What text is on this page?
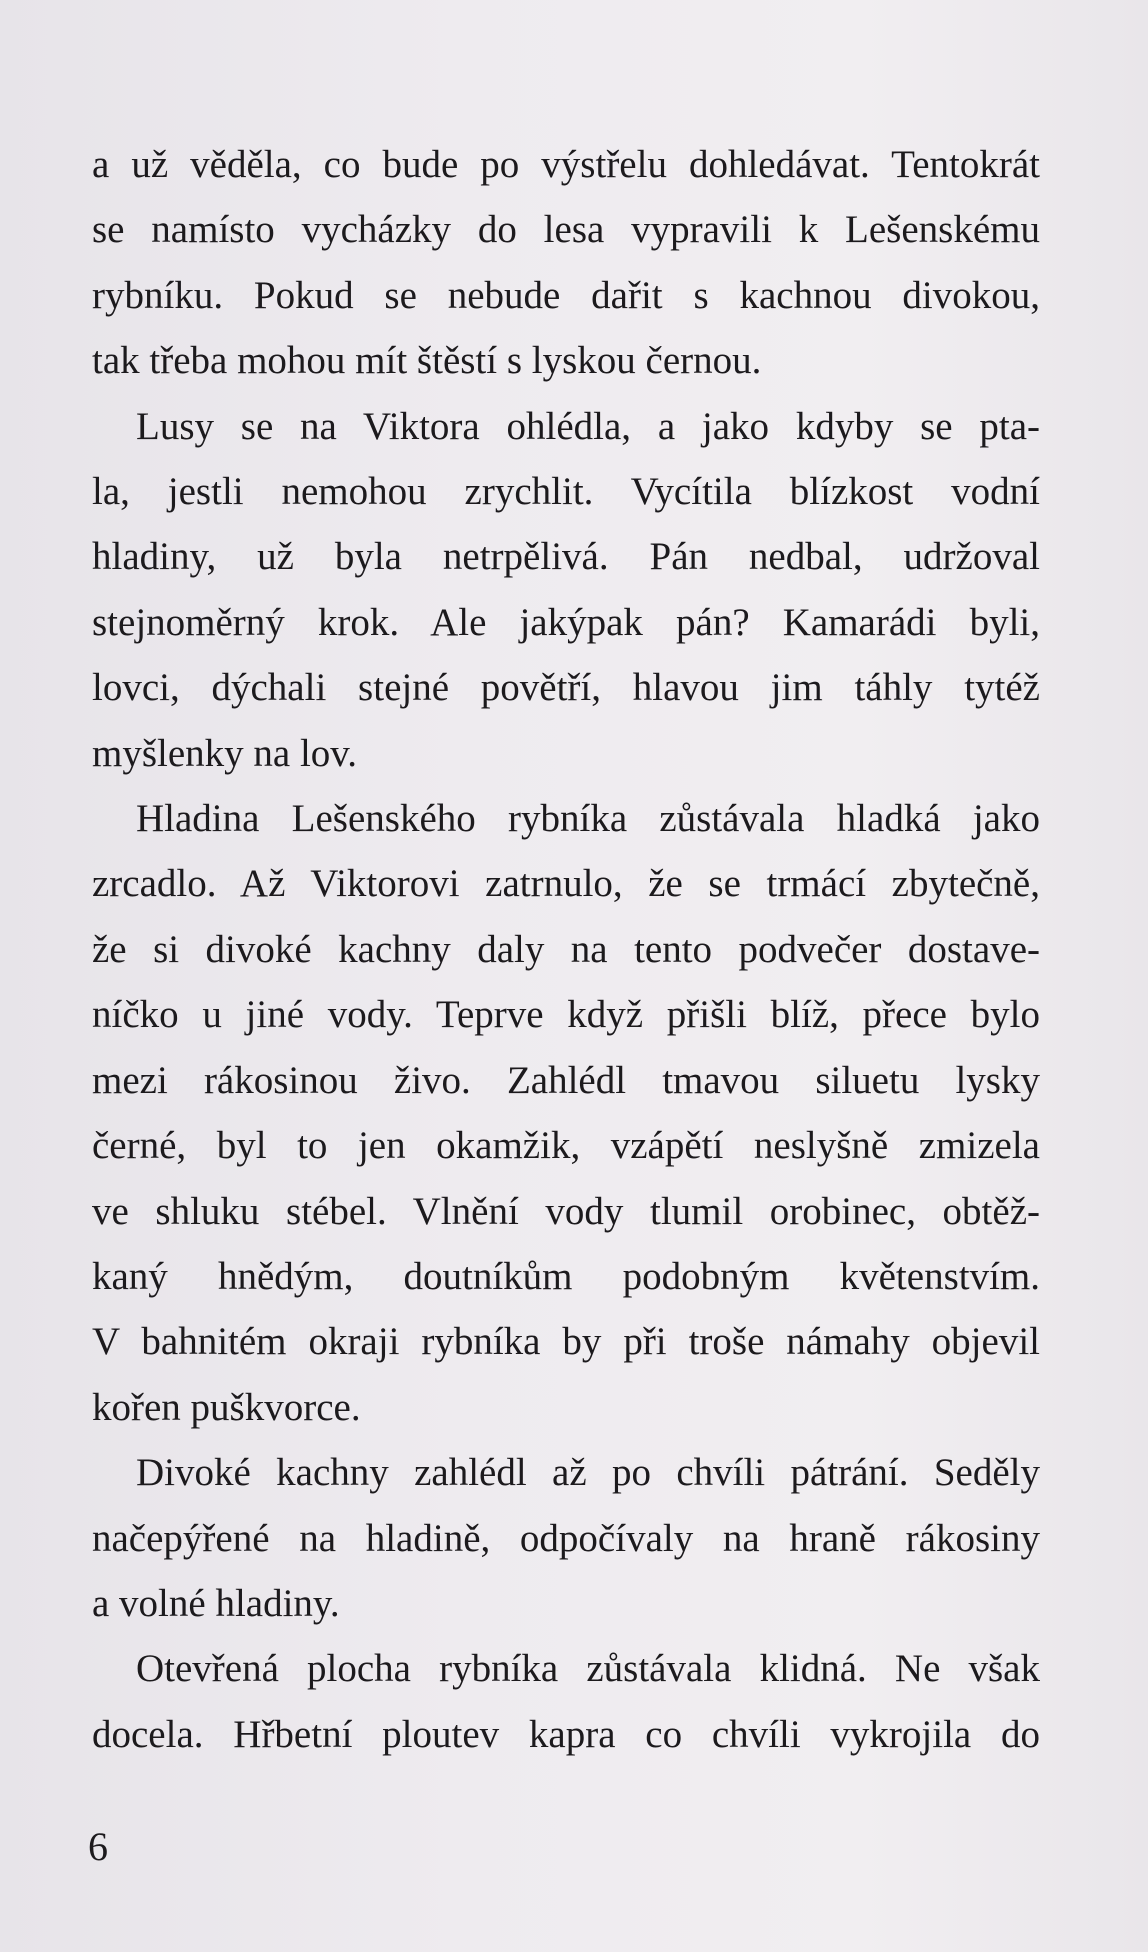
a už věděla, co bude po výstřelu dohledávat. Tentokrát
se namísto vycházky do lesa vypravili k Lešenskému
rybníku. Pokud se nebude dařit s kachnou divokou,
tak třeba mohou mít štěstí s lyskou černou.

Lusy se na Viktora ohlédla, a jako kdyby se pta-
la, jestli nemohou zrychlit. Vycítila blízkost vodní
hladiny, už byla netrpělivá. Pán nedbal, udržoval
stejnoměrný krok. Ale jakýpak pán? Kamarádi byli,
lovci, dýchali stejné povětří, hlavou jim táhly tytéž
myšlenky na lov.

Hladina Lešenského rybníka zůstávala hladká jako
zrcadlo. Až Viktorovi zatrnulo, že se trmácí zbytečně,
že si divoké kachny daly na tento podvečer dostave-
níčko u jiné vody. Teprve když přišli blíž, přece bylo
mezi rákosinou živo. Zahlédl tmavou siluetu lysky
černé, byl to jen okamžik, vzápětí neslyšně zmizela
ve shluku stébel. Vlnění vody tlumil orobinec, obtěž-
kaný hnědým, doutníkům podobným květenstvím.
V bahnitém okraji rybníka by při troše námahy objevil
kořen puškvorce.

Divoké kachny zahlédl až po chvíli pátrání. Seděly
načepýřené na hladině, odpočívaly na hraně rákosiny
a volné hladiny.

Otevřená plocha rybníka zůstávala klidná. Ne však
docela. Hřbetní ploutev kapra co chvíli vykrojila do

6
